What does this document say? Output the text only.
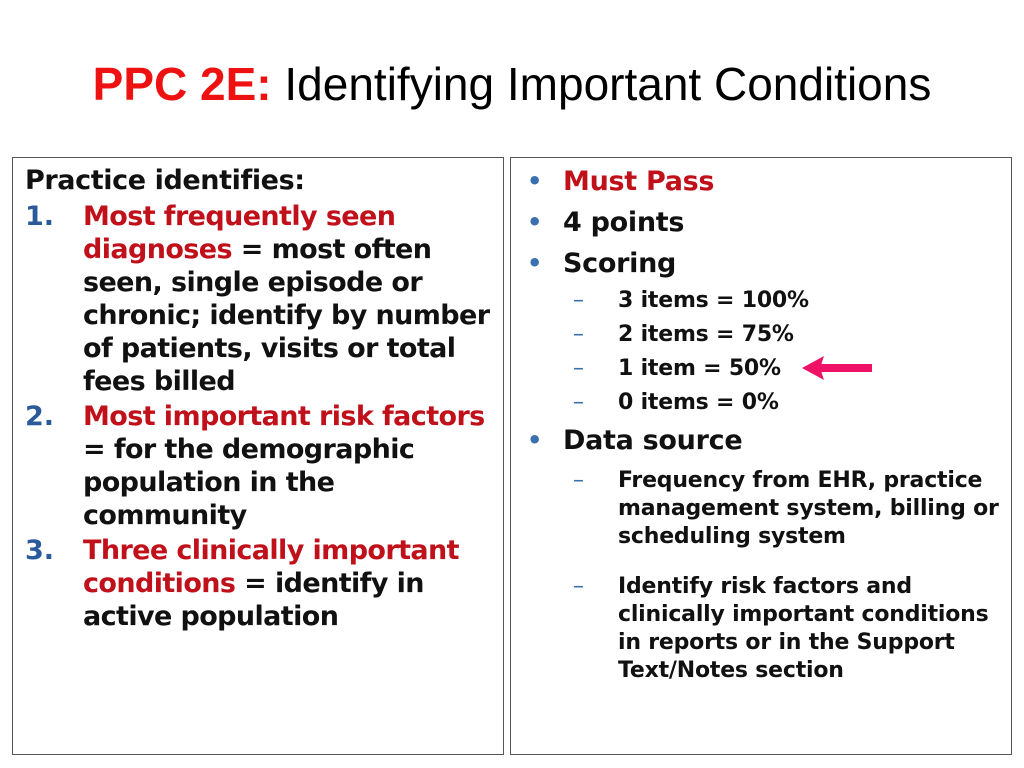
PPC 2E: Identifying Important Conditions
Practice identifies:
1.	Most frequently seen diagnoses = most often seen, single episode or chronic; identify by number of patients, visits or total fees billed
2.	Most important risk factors = for the demographic population in the community
3.	Three clinically important conditions = identify in active population
• Must Pass
• 4 points
• Scoring
–	3 items = 100%
–	2 items = 75%
–	1 item = 50%
–	0 items = 0%
• Data source
–	Frequency from EHR, practice management system, billing or scheduling system
–	Identify risk factors and clinically important conditions in reports or in the Support Text/Notes section
